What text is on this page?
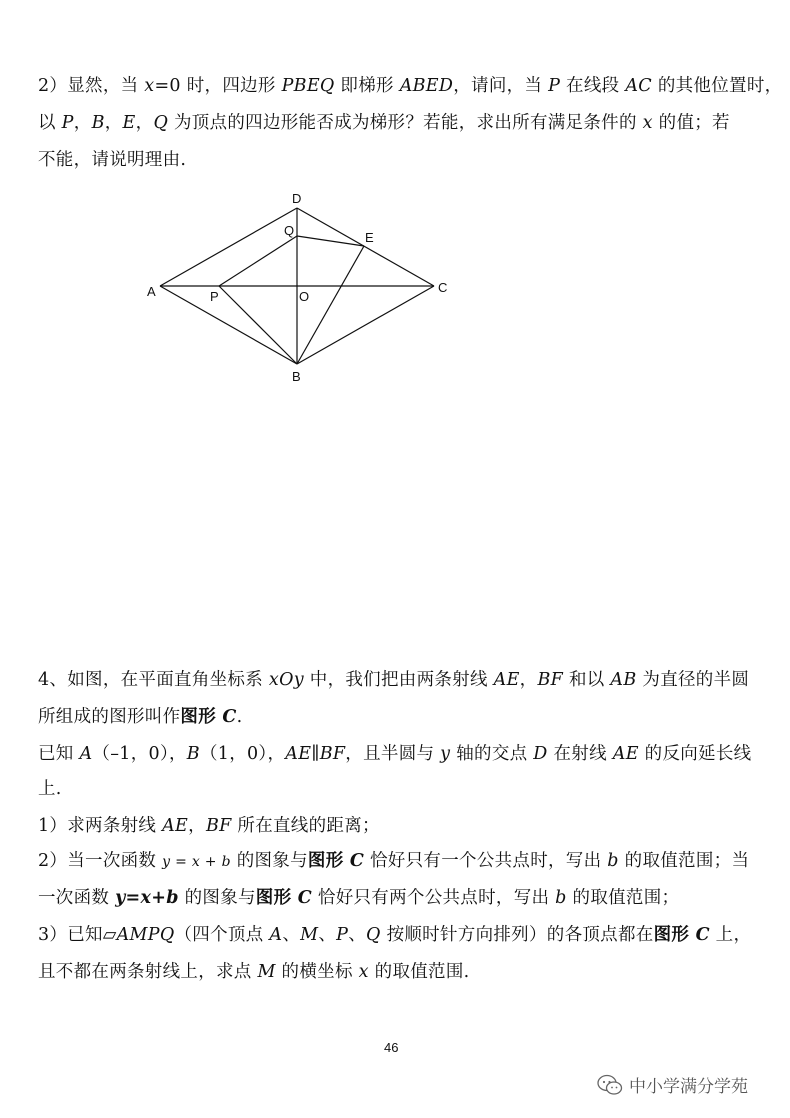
2）显然，当 x=0 时，四边形 PBEQ 即梯形 ABED，请问，当 P 在线段 AC 的其他位置时，
以 P，B，E，Q 为顶点的四边形能否成为梯形？若能，求出所有满足条件的 x 的值；若
不能，请说明理由.
D
Q	E
A	P	O
C
B
4、如图，在平面直角坐标系 xOy 中，我们把由两条射线 AE，BF 和以 AB 为直径的半圆
所组成的图形叫作图形 C.
已知 A（–1，0），B（1，0），AE∥BF，且半圆与 y 轴的交点 D 在射线 AE 的反向延长线
上.
1）求两条射线 AE，BF 所在直线的距离；
2）当一次函数 y = x + b 的图象与图形 C 恰好只有一个公共点时，写出 b 的取值范围；当
一次函数 y=x+b 的图象与图形 C 恰好只有两个公共点时，写出 b 的取值范围；
3）已知▱AMPQ（四个顶点 A、M、P、Q 按顺时针方向排列）的各顶点都在图形 C 上，
且不都在两条射线上，求点 M 的横坐标 x 的取值范围.
46
中小学满分学苑
